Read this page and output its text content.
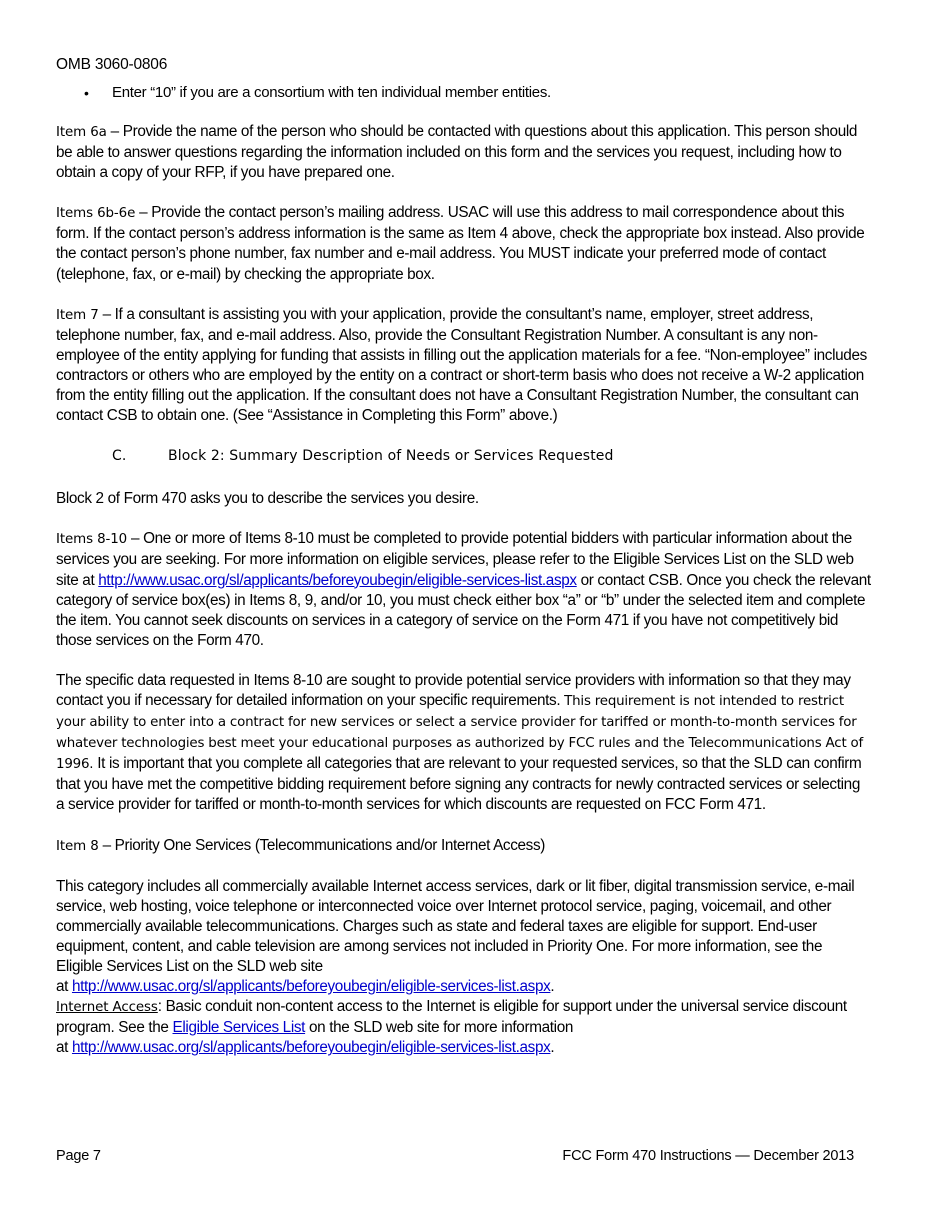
OMB 3060-0806
•	Enter “10” if you are a consortium with ten individual member entities.

Item 6a – Provide the name of the person who should be contacted with questions about this application. This person should be able to answer questions regarding the information included on this form and the services you request, including how to obtain a copy of your RFP, if you have prepared one.

Items 6b-6e – Provide the contact person’s mailing address. USAC will use this address to mail correspondence about this form. If the contact person’s address information is the same as Item 4 above, check the appropriate box instead. Also provide the contact person’s phone number, fax number and e-mail address. You MUST indicate your preferred mode of contact (telephone, fax, or e-mail) by checking the appropriate box.

Item 7 – If a consultant is assisting you with your application, provide the consultant’s name, employer, street address, telephone number, fax, and e-mail address. Also, provide the Consultant Registration Number. A consultant is any non-employee of the entity applying for funding that assists in filling out the application materials for a fee. “Non-employee” includes contractors or others who are employed by the entity on a contract or short-term basis who does not receive a W-2 application from the entity filling out the application. If the consultant does not have a Consultant Registration Number, the consultant can contact CSB to obtain one. (See “Assistance in Completing this Form” above.)

C.	Block 2: Summary Description of Needs or Services Requested

Block 2 of Form 470 asks you to describe the services you desire.

Items 8-10 – One or more of Items 8-10 must be completed to provide potential bidders with particular information about the services you are seeking. For more information on eligible services, please refer to the Eligible Services List on the SLD web site at http://www.usac.org/sl/applicants/beforeyoubegin/eligible-services-list.aspx or contact CSB. Once you check the relevant category of service box(es) in Items 8, 9, and/or 10, you must check either box “a” or “b” under the selected item and complete the item. You cannot seek discounts on services in a category of service on the Form 471 if you have not competitively bid those services on the Form 470.

The specific data requested in Items 8-10 are sought to provide potential service providers with information so that they may contact you if necessary for detailed information on your specific requirements. This requirement is not intended to restrict your ability to enter into a contract for new services or select a service provider for tariffed or month-to-month services for whatever technologies best meet your educational purposes as authorized by FCC rules and the Telecommunications Act of 1996. It is important that you complete all categories that are relevant to your requested services, so that the SLD can confirm that you have met the competitive bidding requirement before signing any contracts for newly contracted services or selecting a service provider for tariffed or month-to-month services for which discounts are requested on FCC Form 471.

Item 8 – Priority One Services (Telecommunications and/or Internet Access)

This category includes all commercially available Internet access services, dark or lit fiber, digital transmission service, e-mail service, web hosting, voice telephone or interconnected voice over Internet protocol service, paging, voicemail, and other commercially available telecommunications. Charges such as state and federal taxes are eligible for support. End-user equipment, content, and cable television are among services not included in Priority One. For more information, see the Eligible Services List on the SLD web site
at http://www.usac.org/sl/applicants/beforeyoubegin/eligible-services-list.aspx.

Internet Access: Basic conduit non-content access to the Internet is eligible for support under the universal service discount program. See the Eligible Services List on the SLD web site for more information
at http://www.usac.org/sl/applicants/beforeyoubegin/eligible-services-list.aspx.

Page 7	FCC Form 470 Instructions — December 2013
